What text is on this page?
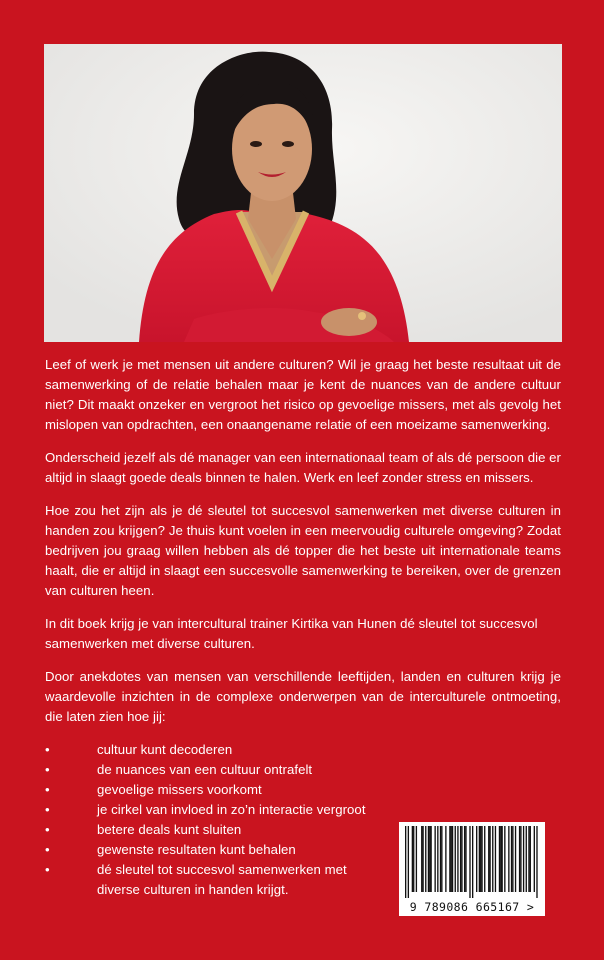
Leef of werk je met mensen uit andere culturen? Wil je graag het beste resultaat uit de samenwerking of de relatie behalen maar je kent de nuances van de andere cultuur niet? Dit maakt onzeker en vergroot het risico op gevoelige missers, met als gevolg het mislopen van opdrachten, een onaangename relatie of een moeizame samenwerking.

Onderscheid jezelf als dé manager van een internationaal team of als dé persoon die er altijd in slaagt goede deals binnen te halen. Werk en leef zonder stress en missers.

Hoe zou het zijn als je dé sleutel tot succesvol samenwerken met diverse culturen in handen zou krijgen? Je thuis kunt voelen in een meervoudig culturele omgeving? Zodat bedrijven jou graag willen hebben als dé topper die het beste uit internationale teams haalt, die er altijd in slaagt een succesvolle samenwerking te bereiken, over de grenzen van culturen heen.

In dit boek krijg je van intercultural trainer Kirtika van Hunen dé sleutel tot succesvol samenwerken met diverse culturen.

Door anekdotes van mensen van verschillende leeftijden, landen en culturen krijg je waardevolle inzichten in de complexe onderwerpen van de interculturele ontmoeting, die laten zien hoe jij:

•	cultuur kunt decoderen
•	de nuances van een cultuur ontrafelt
•	gevoelige missers voorkomt
•	je cirkel van invloed in zo’n interactie vergroot
•	betere deals kunt sluiten
•	gewenste resultaten kunt behalen
•	dé sleutel tot succesvol samenwerken met diverse culturen in handen krijgt.
9 789086 665167 >
